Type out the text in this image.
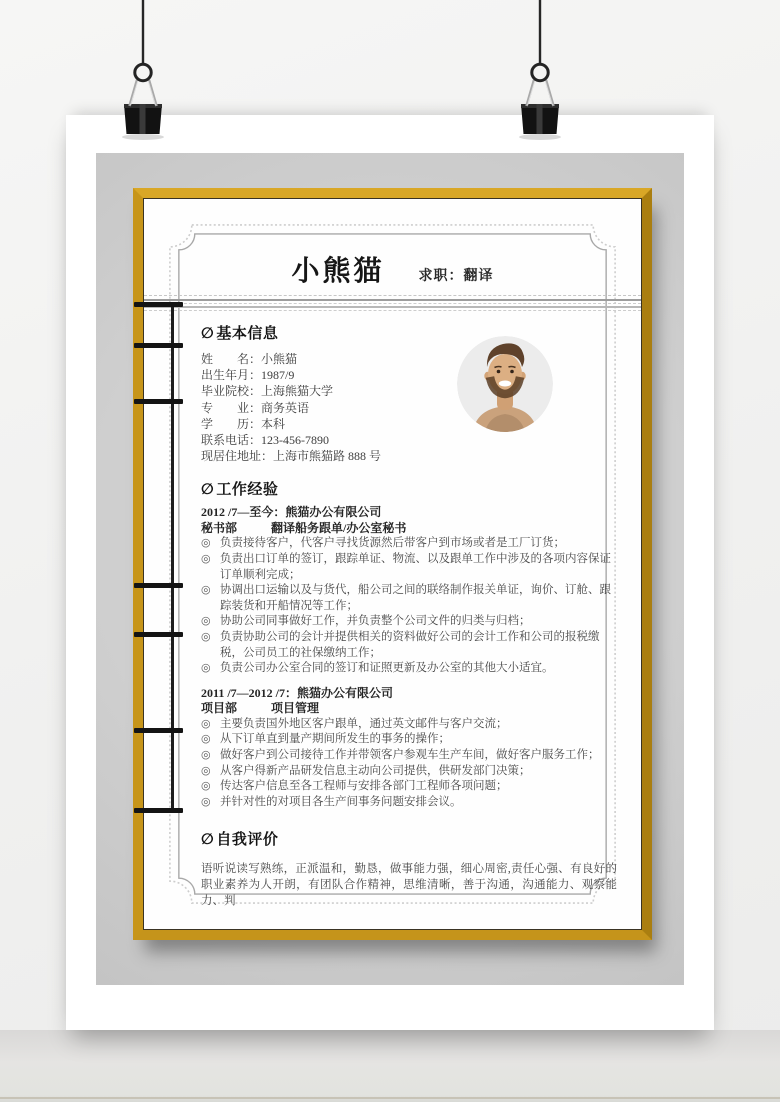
小熊猫 求职：翻译
∅ 基本信息
姓　　名：小熊猫
出生年月：1987/9
毕业院校：上海熊猫大学
专　　业：商务英语
学　　历：本科
联系电话：123-456-7890
现居住地址：上海市熊猫路 888 号
∅ 工作经验
2012 /7—至今：熊猫办公有限公司
秘书部	翻译船务跟单/办公室秘书
◎ 负责接待客户，代客户寻找货源然后带客户到市场或者是工厂订货；
◎ 负责出口订单的签订，跟踪单证、物流、以及跟单工作中涉及的各项内容保证订单顺利完成；
◎ 协调出口运输以及与货代，船公司之间的联络制作报关单证，询价、订舱、跟踪装货和开船情况等工作；
◎ 协助公司同事做好工作，并负责整个公司文件的归类与归档；
◎ 负责协助公司的会计并提供相关的资料做好公司的会计工作和公司的报税缴税，公司员工的社保缴纳工作；
◎ 负责公司办公室合同的签订和证照更新及办公室的其他大小适宜。
2011 /7—2012 /7：熊猫办公有限公司
项目部	项目管理
◎ 主要负责国外地区客户跟单，通过英文邮件与客户交流；
◎ 从下订单直到量产期间所发生的事务的操作；
◎ 做好客户到公司接待工作并带领客户参观车生产车间，做好客户服务工作；
◎ 从客户得新产品研发信息主动向公司提供，供研发部门决策；
◎ 传达客户信息至各工程师与安排各部门工程师各项问题；
◎ 并针对性的对项目各生产间事务问题安排会议。
∅ 自我评价

语听说读写熟练，正派温和，勤恳，做事能力强，细心周密,责任心强、有良好的职业素养为人开朗，有团队合作精神，思维清晰，善于沟通，沟通能力、观察能力、判
